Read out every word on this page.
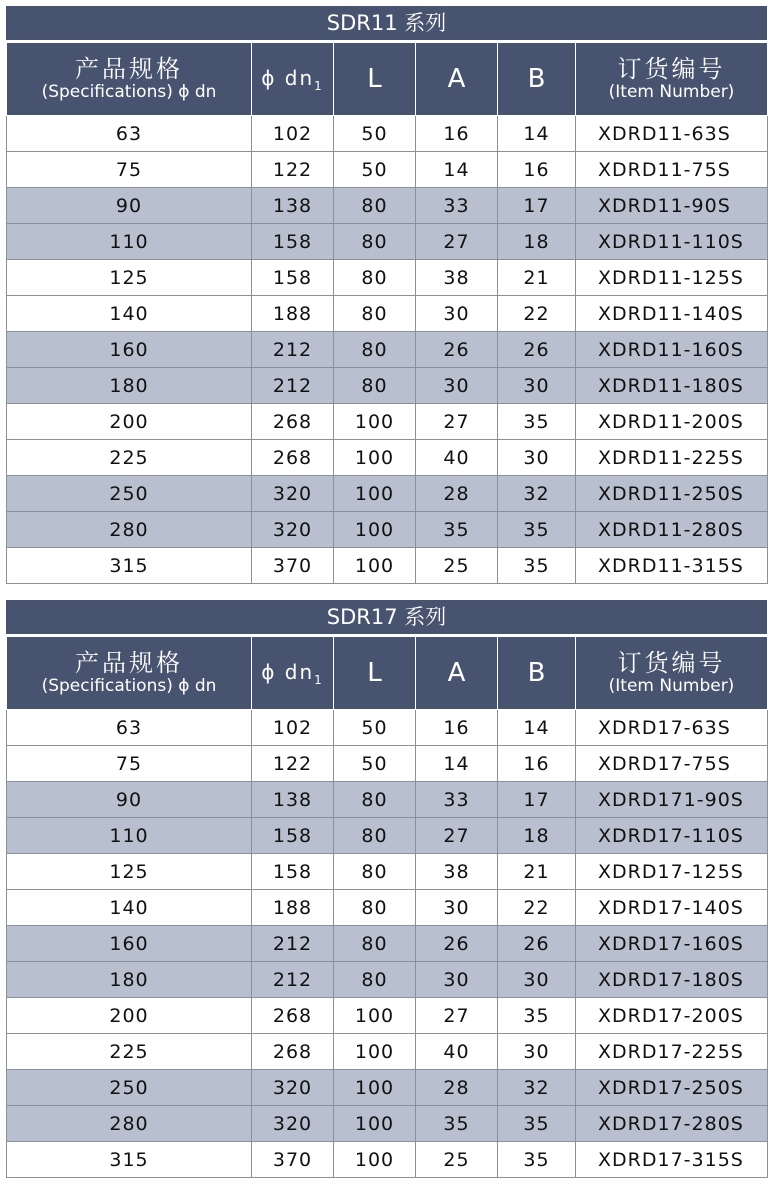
SDR11 系列
产品规格
(Specifications) ϕ dn	ϕ $dn_1$	L	A	B	订货编号
(Item Number)

63	102	50	16	14	XDRD11-63S
75	122	50	14	16	XDRD11-75S
90	138	80	33	17	XDRD11-90S
110	158	80	27	18	XDRD11-110S
125	158	80	38	21	XDRD11-125S
140	188	80	30	22	XDRD11-140S
160	212	80	26	26	XDRD11-160S
180	212	80	30	30	XDRD11-180S
200	268	100	27	35	XDRD11-200S
225	268	100	40	30	XDRD11-225S
250	320	100	28	32	XDRD11-250S
280	320	100	35	35	XDRD11-280S
315	370	100	25	35	XDRD11-315S
SDR17 系列
产品规格
(Specifications) ϕ dn	ϕ $dn_1$	L	A	B	订货编号
(Item Number)

63	102	50	16	14	XDRD17-63S
75	122	50	14	16	XDRD17-75S
90	138	80	33	17	XDRD171-90S
110	158	80	27	18	XDRD17-110S
125	158	80	38	21	XDRD17-125S
140	188	80	30	22	XDRD17-140S
160	212	80	26	26	XDRD17-160S
180	212	80	30	30	XDRD17-180S
200	268	100	27	35	XDRD17-200S
225	268	100	40	30	XDRD17-225S
250	320	100	28	32	XDRD17-250S
280	320	100	35	35	XDRD17-280S
315	370	100	25	35	XDRD17-315S
